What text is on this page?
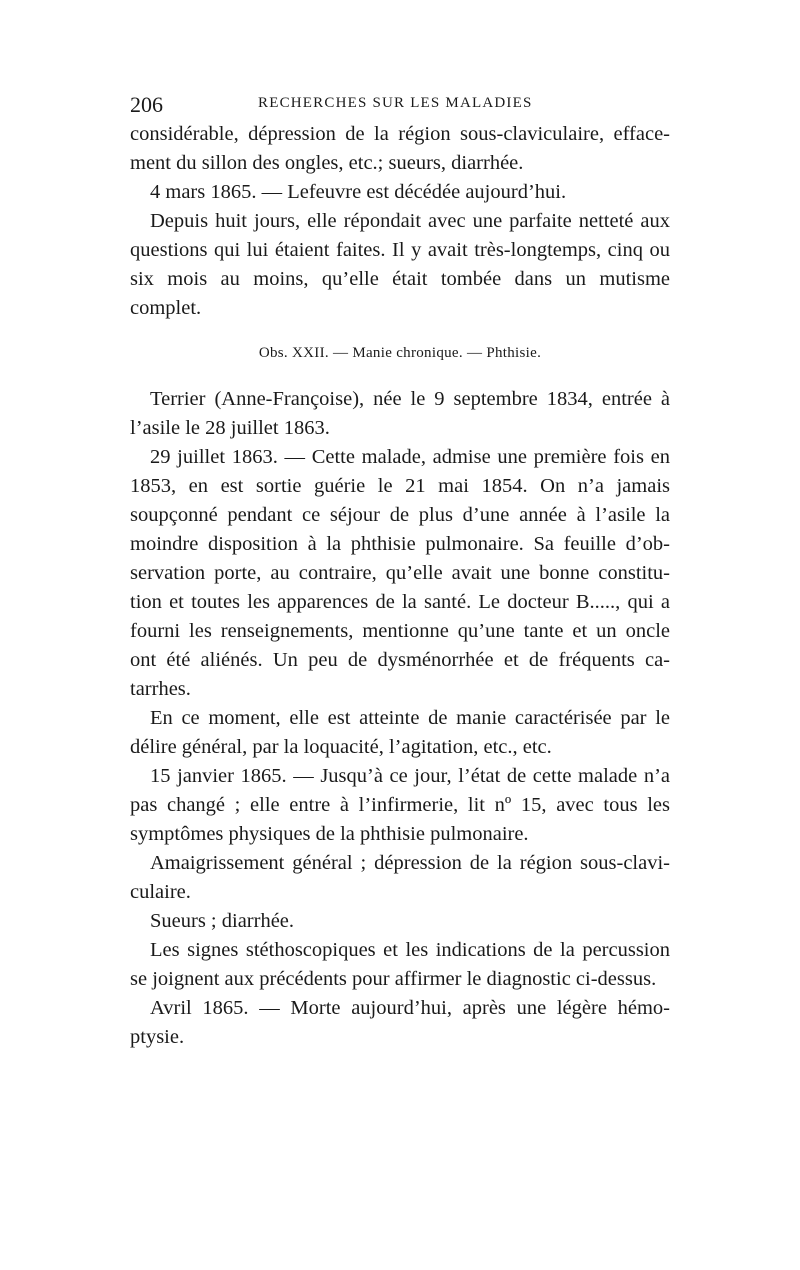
206	RECHERCHES SUR LES MALADIES

considérable, dépression de la région sous-claviculaire, efface-ment du sillon des ongles, etc.; sueurs, diarrhée.

4 mars 1865. — Lefeuvre est décédée aujourd’hui.

Depuis huit jours, elle répondait avec une parfaite netteté aux questions qui lui étaient faites. Il y avait très-longtemps, cinq ou six mois au moins, qu’elle était tombée dans un mutisme complet.

Obs. XXII. — Manie chronique. — Phthisie.

Terrier (Anne-Françoise), née le 9 septembre 1834, entrée à l’asile le 28 juillet 1863.

29 juillet 1863. — Cette malade, admise une première fois en 1853, en est sortie guérie le 21 mai 1854. On n’a jamais soupçonné pendant ce séjour de plus d’une année à l’asile la moindre disposition à la phthisie pulmonaire. Sa feuille d’ob-servation porte, au contraire, qu’elle avait une bonne constitu-tion et toutes les apparences de la santé. Le docteur B....., qui a fourni les renseignements, mentionne qu’une tante et un oncle ont été aliénés. Un peu de dysménorrhée et de fréquents ca-tarrhes.

En ce moment, elle est atteinte de manie caractérisée par le délire général, par la loquacité, l’agitation, etc., etc.

15 janvier 1865. — Jusqu’à ce jour, l’état de cette malade n’a pas changé ; elle entre à l’infirmerie, lit nº 15, avec tous les symptômes physiques de la phthisie pulmonaire.

Amaigrissement général ; dépression de la région sous-clavi-culaire.

Sueurs ; diarrhée.

Les signes stéthoscopiques et les indications de la percussion se joignent aux précédents pour affirmer le diagnostic ci-dessus.

Avril 1865. — Morte aujourd’hui, après une légère hémo-ptysie.
